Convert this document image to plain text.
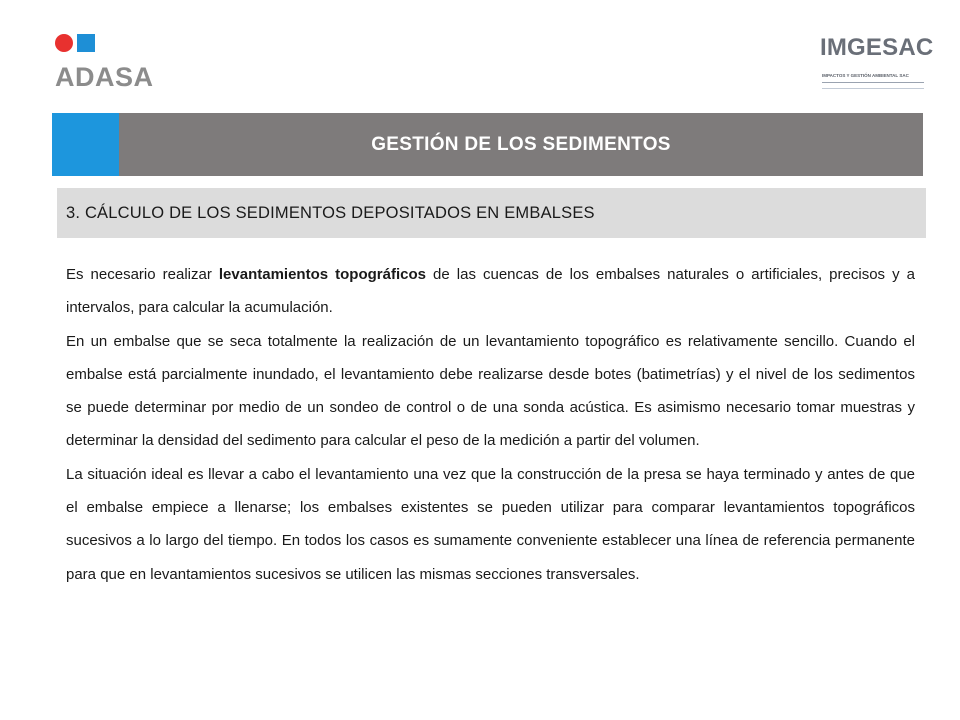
ADASA
IMGESAC
IMPACTOS Y GESTIÓN AMBIENTAL SAC
GESTIÓN DE LOS SEDIMENTOS
3. CÁLCULO DE LOS SEDIMENTOS DEPOSITADOS EN EMBALSES

Es necesario realizar levantamientos topográficos de las cuencas de los embalses naturales o artificiales, precisos y a intervalos, para calcular la acumulación.

En un embalse que se seca totalmente la realización de un levantamiento topográfico es relativamente sencillo. Cuando el embalse está parcialmente inundado, el levantamiento debe realizarse desde botes (batimetrías) y el nivel de los sedimentos se puede determinar por medio de un sondeo de control o de una sonda acústica. Es asimismo necesario tomar muestras y determinar la densidad del sedimento para calcular el peso de la medición a partir del volumen.

La situación ideal es llevar a cabo el levantamiento una vez que la construcción de la presa se haya terminado y antes de que el embalse empiece a llenarse; los embalses existentes se pueden utilizar para comparar levantamientos topográficos sucesivos a lo largo del tiempo. En todos los casos es sumamente conveniente establecer una línea de referencia permanente para que en levantamientos sucesivos se utilicen las mismas secciones transversales.
